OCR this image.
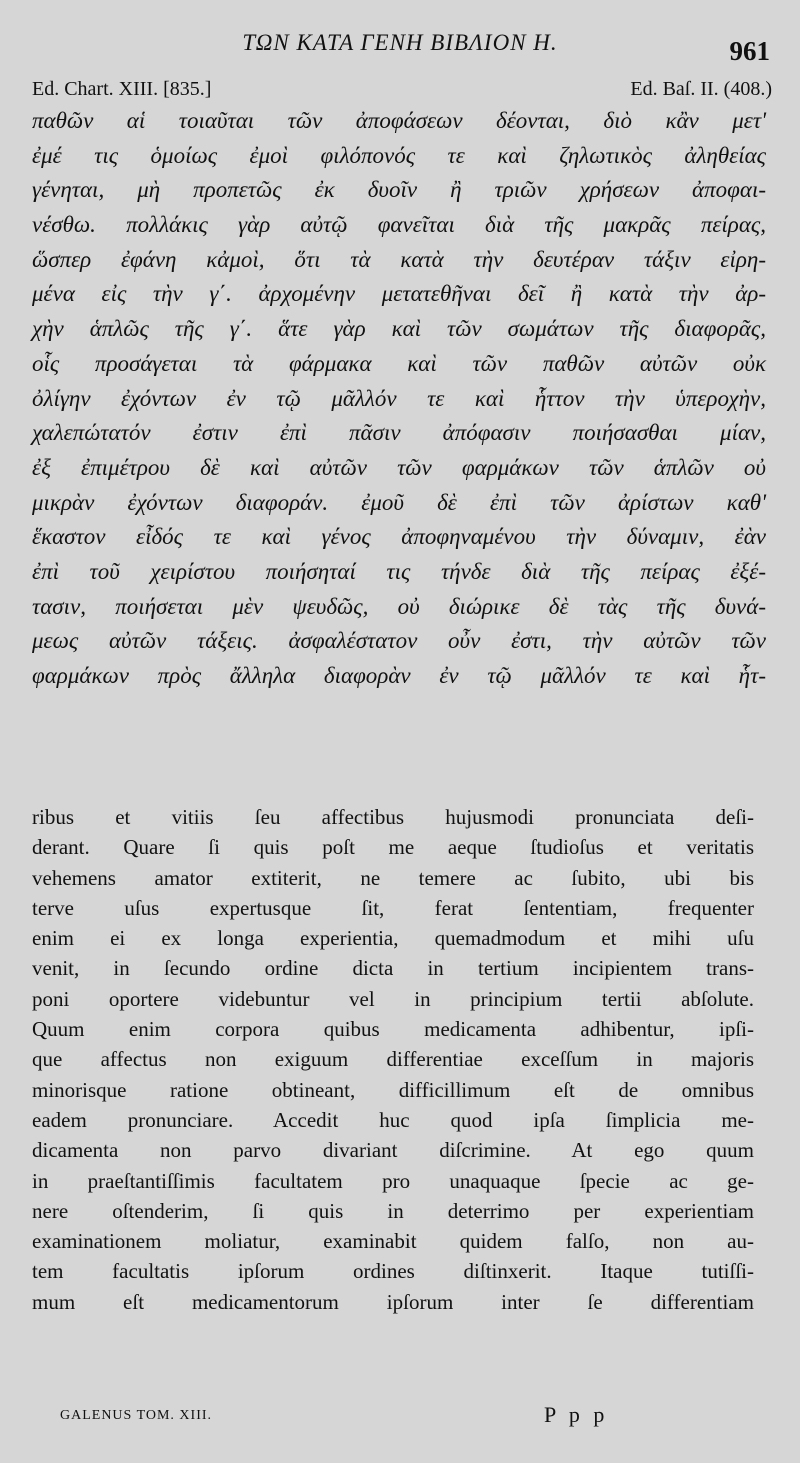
ΤΩΝ ΚΑΤΑ ΓΕΝΗ ΒΙΒΛΙΟΝ Η.	961
Ed. Chart. XIII. [835.]	Ed. Baſ. II. (408.)
παθῶν αἱ τοιαῦται τῶν ἀποφάσεων δέονται, διὸ κἂν μετ'
ἐμέ τις ὁμοίως ἐμοὶ φιλόπονός τε καὶ ζηλωτικὸς ἀληθείας
γένηται, μὴ προπετῶς ἐκ δυοῖν ἢ τριῶν χρήσεων ἀποφαι-
νέσθω. πολλάκις γὰρ αὐτῷ φανεῖται διὰ τῆς μακρᾶς πείρας,
ὥσπερ ἐφάνη κἀμοὶ, ὅτι τὰ κατὰ τὴν δευτέραν τάξιν εἰρη-
μένα εἰς τὴν γ΄. ἀρχομένην μετατεθῆναι δεῖ ἢ κατὰ τὴν ἀρ-
χὴν ἁπλῶς τῆς γ΄. ἅτε γὰρ καὶ τῶν σωμάτων τῆς διαφορᾶς,
οἷς προσάγεται τὰ φάρμακα καὶ τῶν παθῶν αὐτῶν οὐκ
ὀλίγην ἐχόντων ἐν τῷ μᾶλλόν τε καὶ ἧττον τὴν ὑπεροχὴν,
χαλεπώτατόν ἐστιν ἐπὶ πᾶσιν ἀπόφασιν ποιήσασθαι μίαν,
ἐξ ἐπιμέτρου δὲ καὶ αὐτῶν τῶν φαρμάκων τῶν ἁπλῶν οὐ
μικρὰν ἐχόντων διαφοράν. ἐμοῦ δὲ ἐπὶ τῶν ἀρίστων καθ'
ἕκαστον εἶδός τε καὶ γένος ἀποφηναμένου τὴν δύναμιν, ἐὰν
ἐπὶ τοῦ χειρίστου ποιήσηταί τις τήνδε διὰ τῆς πείρας ἐξέ-
τασιν, ποιήσεται μὲν ψευδῶς, οὐ διώρικε δὲ τὰς τῆς δυνά-
μεως αὐτῶν τάξεις. ἀσφαλέστατον οὖν ἐστι, τὴν αὐτῶν τῶν
φαρμάκων πρὸς ἄλληλα διαφορὰν ἐν τῷ μᾶλλόν τε καὶ ἧτ-
ribus et vitiis ſeu affectibus hujusmodi pronunciata deſi-
derant. Quare ſi quis poſt me aeque ſtudioſus et veritatis
vehemens amator extiterit, ne temere ac ſubito, ubi bis
terve uſus expertusque ſit, ferat ſententiam, frequenter
enim ei ex longa experientia, quemadmodum et mihi uſu
venit, in ſecundo ordine dicta in tertium incipientem trans-
poni oportere videbuntur vel in principium tertii abſolute.
Quum enim corpora quibus medicamenta adhibentur, ipſi-
que affectus non exiguum differentiae exceſſum in majoris
minorisque ratione obtineant, difficillimum eſt de omnibus
eadem pronunciare. Accedit huc quod ipſa ſimplicia me-
dicamenta non parvo divariant diſcrimine. At ego quum
in praeſtantiſſimis facultatem pro unaquaque ſpecie ac ge-
nere oſtenderim, ſi quis in deterrimo per experientiam
examinationem moliatur, examinabit quidem falſo, non au-
tem facultatis ipſorum ordines diſtinxerit. Itaque tutiſſi-
mum eſt medicamentorum ipſorum inter ſe differentiam
GALENUS TOM. XIII.	P p p
